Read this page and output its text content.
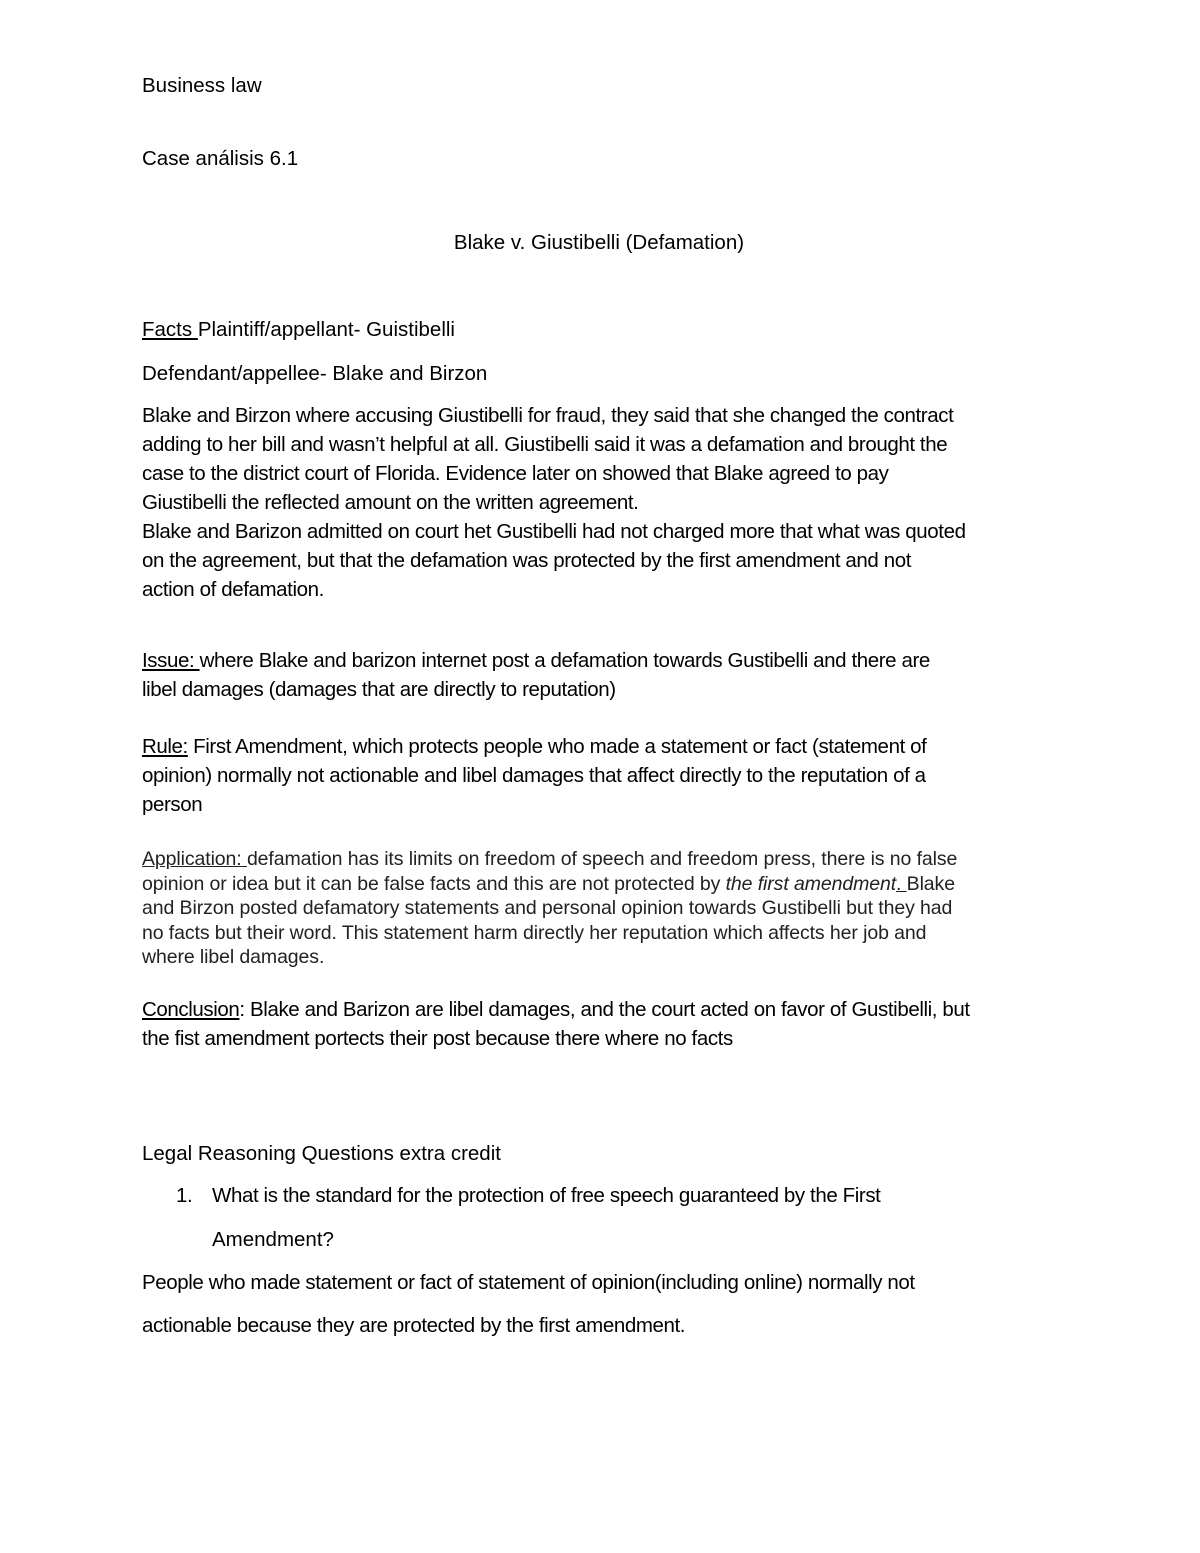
Business law
Case análisis 6.1
Blake v. Giustibelli (Defamation)
Facts Plaintiff/appellant- Guistibelli
Defendant/appellee- Blake and Birzon
Blake and Birzon where accusing Giustibelli for fraud, they said that she changed the contract
adding to her bill and wasn’t helpful at all. Giustibelli said it was a defamation and brought the
case to the district court of Florida. Evidence later on showed that Blake agreed to pay
Giustibelli the reflected amount on the written agreement.
Blake and Barizon admitted on court het Gustibelli had not charged more that what was quoted
on the agreement, but that the defamation was protected by the first amendment and not
action of defamation.
Issue: where Blake and barizon internet post a defamation towards Gustibelli and there are
libel damages (damages that are directly to reputation)
Rule: First Amendment, which protects people who made a statement or fact (statement of
opinion) normally not actionable and libel damages that affect directly to the reputation of a
person
Application: defamation has its limits on freedom of speech and freedom press, there is no false
opinion or idea but it can be false facts and this are not protected by the first amendment. Blake
and Birzon posted defamatory statements and personal opinion towards Gustibelli but they had
no facts but their word. This statement harm directly her reputation which affects her job and
where libel damages.
Conclusion: Blake and Barizon are libel damages, and the court acted on favor of Gustibelli, but
the fist amendment portects their post because there where no facts
Legal Reasoning Questions extra credit
1. What is the standard for the protection of free speech guaranteed by the First
Amendment?
People who made statement or fact of statement of opinion(including online) normally not
actionable because they are protected by the first amendment.
